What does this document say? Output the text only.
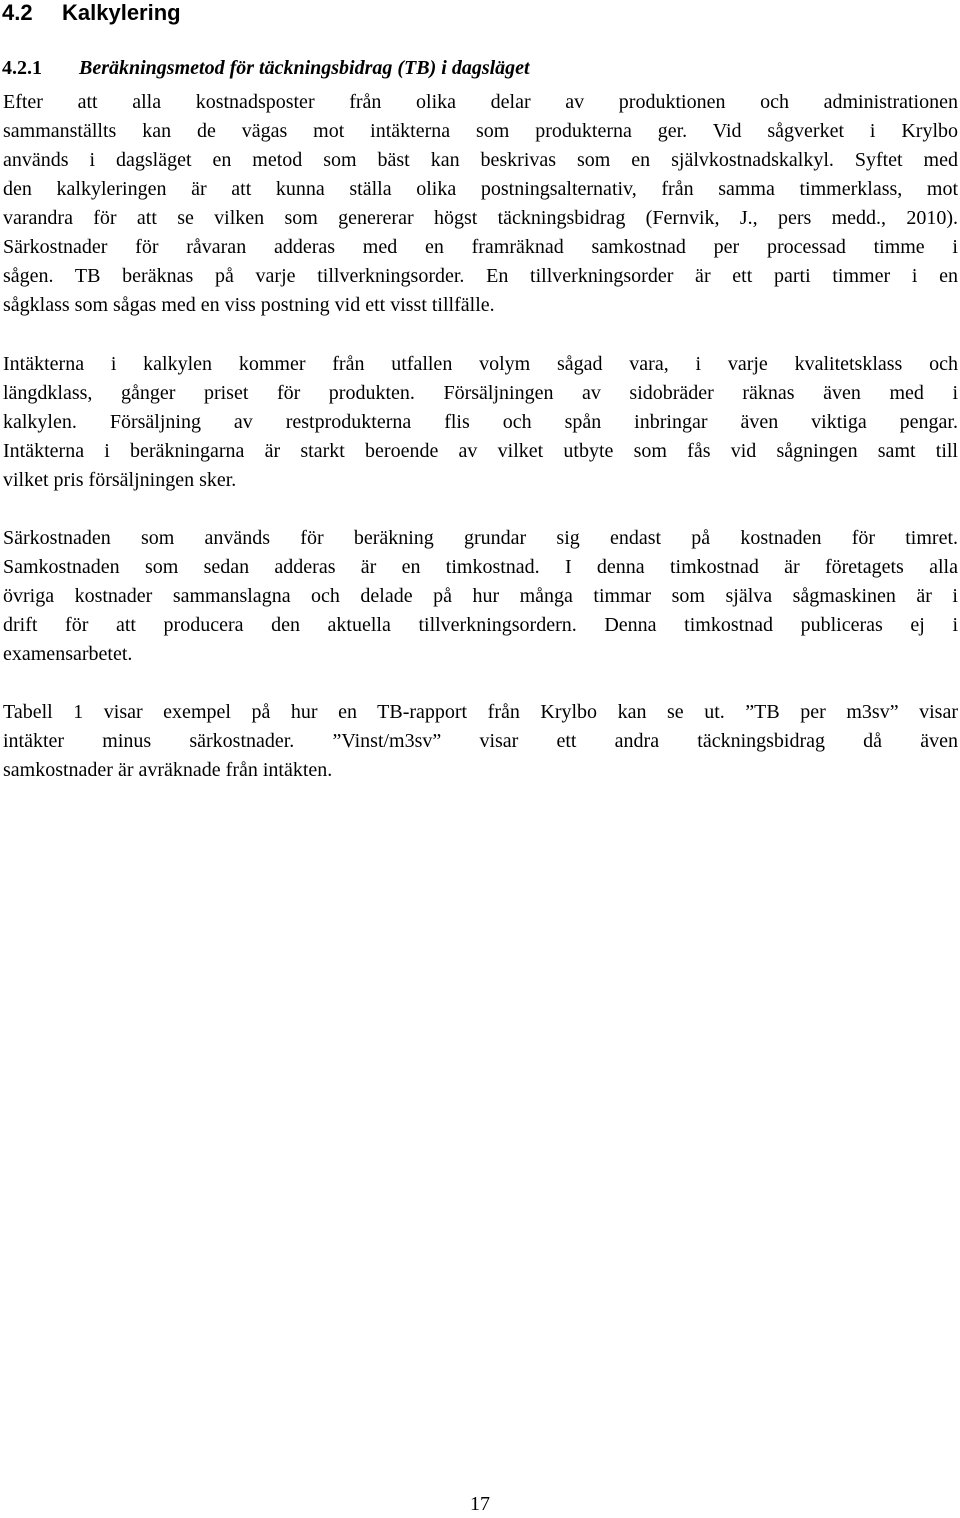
4.2 Kalkylering
4.2.1 Beräkningsmetod för täckningsbidrag (TB) i dagsläget

Efter att alla kostnadsposter från olika delar av produktionen och administrationen
sammanställts kan de vägas mot intäkterna som produkterna ger. Vid sågverket i Krylbo
används i dagsläget en metod som bäst kan beskrivas som en självkostnadskalkyl. Syftet med
den kalkyleringen är att kunna ställa olika postningsalternativ, från samma timmerklass, mot
varandra för att se vilken som genererar högst täckningsbidrag (Fernvik, J., pers medd., 2010).
Särkostnader för råvaran adderas med en framräknad samkostnad per processad timme i
sågen. TB beräknas på varje tillverkningsorder. En tillverkningsorder är ett parti timmer i en
sågklass som sågas med en viss postning vid ett visst tillfälle.

Intäkterna i kalkylen kommer från utfallen volym sågad vara, i varje kvalitetsklass och
längdklass, gånger priset för produkten. Försäljningen av sidobräder räknas även med i
kalkylen. Försäljning av restprodukterna flis och spån inbringar även viktiga pengar.
Intäkterna i beräkningarna är starkt beroende av vilket utbyte som fås vid sågningen samt till
vilket pris försäljningen sker.

Särkostnaden som används för beräkning grundar sig endast på kostnaden för timret.
Samkostnaden som sedan adderas är en timkostnad. I denna timkostnad är företagets alla
övriga kostnader sammanslagna och delade på hur många timmar som själva sågmaskinen är i
drift för att producera den aktuella tillverkningsordern. Denna timkostnad publiceras ej i
examensarbetet.

Tabell 1 visar exempel på hur en TB-rapport från Krylbo kan se ut. ”TB per m3sv” visar
intäkter minus särkostnader. ”Vinst/m3sv” visar ett andra täckningsbidrag då även
samkostnader är avräknade från intäkten.

17
